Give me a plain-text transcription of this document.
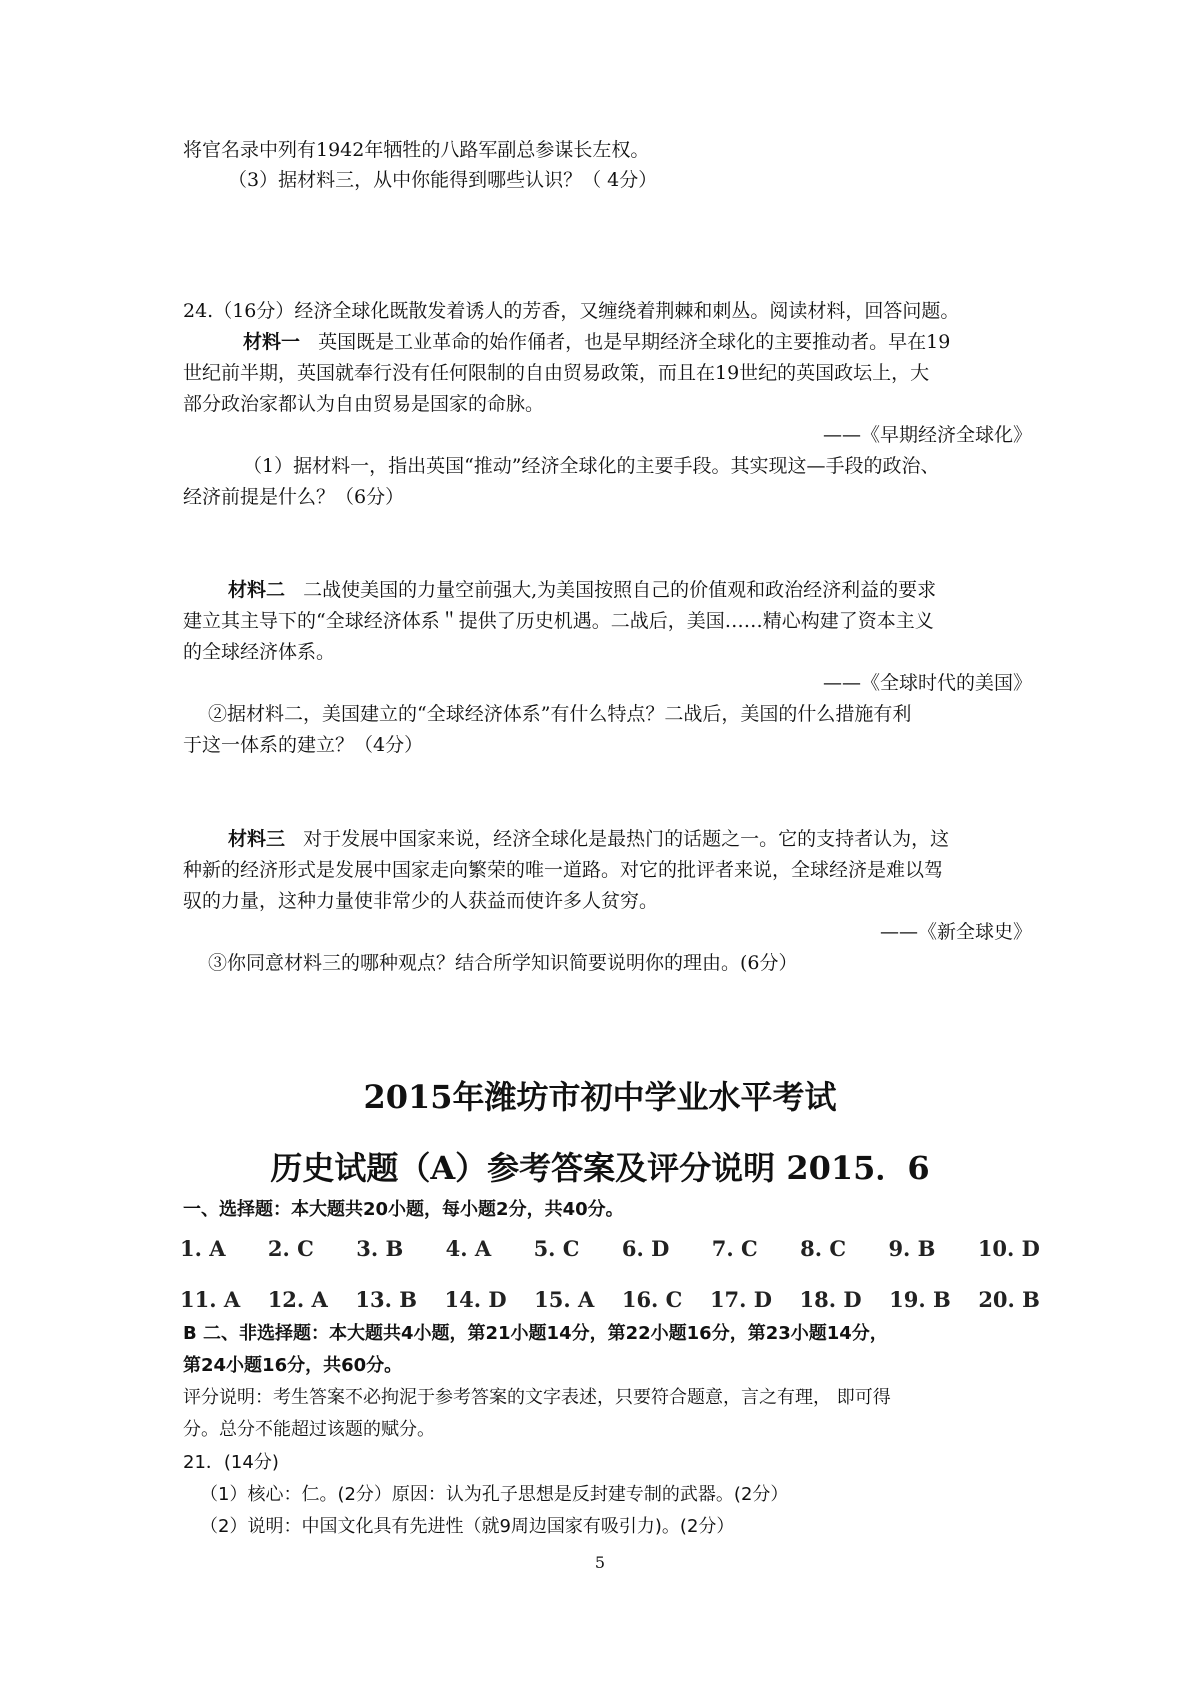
将官名录中列有1942年牺牲的八路军副总参谋长左权。
（3）据材料三，从中你能得到哪些认识？（ 4分）
24.（16分）经济全球化既散发着诱人的芳香，又缠绕着荆棘和刺丛。阅读材料，回答问题。
材料一 英国既是工业革命的始作俑者，也是早期经济全球化的主要推动者。早在19
世纪前半期，英国就奉行没有任何限制的自由贸易政策，而且在19世纪的英国政坛上，大
部分政治家都认为自由贸易是国家的命脉。
——《早期经济全球化》
（1）据材料一，指出英国“推动”经济全球化的主要手段。其实现这—手段的政治、
经济前提是什么？（6分）
材料二 二战使美国的力量空前强大,为美国按照自己的价值观和政治经济利益的要求
建立其主导下的“全球经济体系＂提供了历史机遇。二战后，美国……精心构建了资本主义
的全球经济体系。
——《全球时代的美国》
②据材料二，美国建立的“全球经济体系”有什么特点？二战后，美国的什么措施有利
于这一体系的建立？（4分）
材料三 对于发展中国家来说，经济全球化是最热门的话题之一。它的支持者认为，这
种新的经济形式是发展中国家走向繁荣的唯一道路。对它的批评者来说，全球经济是难以驾
驭的力量，这种力量使非常少的人获益而使许多人贫穷。
——《新全球史》
③你同意材料三的哪种观点？结合所学知识简要说明你的理由。(6分）
2015年潍坊市初中学业水平考试
历史试题（A）参考答案及评分说明 2015．6
一、选择题：本大题共20小题，每小题2分，共40分。
1. A 2. C 3. B 4. A 5. C 6. D 7. C 8. C 9. B 10. D
11. A 12. A 13. B 14. D 15. A 16. C 17. D 18. D 19. B 20. B
B 二、非选择题：本大题共4小题，第21小题14分，第22小题16分，第23小题14分，
第24小题16分，共60分。
评分说明：考生答案不必拘泥于参考答案的文字表述，只要符合题意，言之有理， 即可得
分。总分不能超过该题的赋分。
21．(14分)
（1）核心：仁。(2分）原因：认为孔子思想是反封建专制的武器。(2分）
（2）说明：中国文化具有先进性（就9周边国家有吸引力)。(2分）
5
